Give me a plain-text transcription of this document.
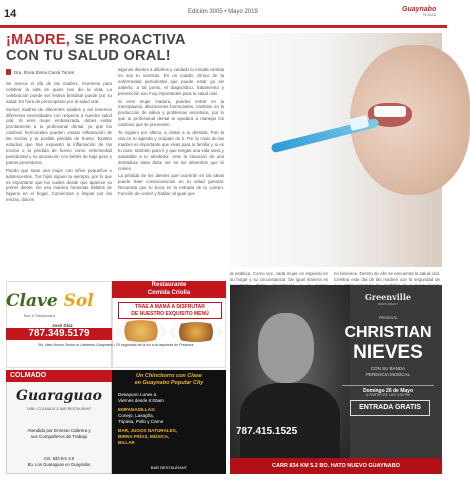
14	Edición 3005 • Mayo 2019	Guaynabo
CIUDAD
¡MADRE, SE PROACTIVA
CON TU SALUD ORAL!
Dra. Rosa Elena Cantú Torres

Se acerca el día de las madres, momento para celebrar la vida de quien nos dio la vida. La celebración puede ser festiva brindiste puede por su salud. Es hora de preocuparse por la salud oral.

Somos madres de diferentes edades y así tenemos diferentes necesidades con respecto a nuestra salud oral. Si eres mujer embarazada, debes visitar prontamente a tu profesional dental, ya que los cambios hormonales pueden causar inflamación de las encías y la posible pérdida de hueso. Existen estudios que han expuesto la inflamación de las encías o la pérdida de hueso como enfermedad periodontal y su asociación con bebés de bajo peso y partos prematuros.

Puedo que seas una mujer con niños pequeños o adolescentes. Tus hijos siguen tu ejemplo, por lo que es importante que los cuides desde que aparece su primer diente. De esa manera fomentas hábitos de higiene en el hogar. Comienzas a limpiar por las encías, dulces

algunos dientes a afilarlos y cuidado tu mirada cambia en sus tu sonrisas. En un cuadro clínico de la enfermedad periodontal que puede estar ya sin saberlo, a tal punto, el diagnóstico, tratamiento y prevención son muy importantes para tu salud oral.

Si eres mujer madura, puedes entrar en la menopausia, alteraciones hormonales, cambios en la producción de saliva y problemas sensitivos, por lo que tu profesional dental te ayudará a manejar los cambios que se presenten.

Te sugiero por último, a visitar a tu dentista. Pon la cita en tu agenda y ocúpate de ti. Por la crisis de las madres es importante que vivas para tu familia y, si es tu caso, también para ti y que tengas una vida sana y saludable a tu alrededor. Ante la situación de una dentadura sana debe ser en los alimentos que tú comes.

La pérdida de los dientes que ocurrirán en las ideas puede traer consecuencias en tu salud general. Recuerda que tu boca es la entrada de tu cuerpo. Función de comer y hablar; al igual que

la estética. Como vez, cada mujer es especial en su hogar y su circunstancia. De igual manera es
no favorece. Dentro de ello se encuentra la salud oral. Celebra este día de las madres con la seguridad de
Clave Sol
Bar & Restaurant
José Díaz
787.349.5179
Restaurante
Comida Criolla
TRAE A MAMÁ A DISFRUTAR
DE NUESTRO EXQUISITO MENÚ
Bo. Hato Nuevo Sector el Laberinto Guaynabo • 20 segundos de la luz a la izquierda de Frescura
COLMADO
Guaraguao
1986 • COLMADO & BAR RESTAURANT
Atendido por Ernesto Cabrera y
sus Compañeros de Trabajo
Cel. 833 Km 3.9
Bo. Los Guaraguao en Guaynabo
Un Chinchorro con Clase
en Guaynabo Popular City
Desayuno Lunes a
Viernes desde 6:00am
EMPANADILLAS:
Conejo, Lasagña,
Tripleta, Pollo y Carne
BAR, JUGOS NATURALES,
BIRRA FRÍAS, MÚSICA,
BILLAR
BAR RESTAURANT
Greenville
RESTAURANT
PRESENTA
CHRISTIAN
NIEVES
CON SU BANDA
PERENCIA MUSICAL
Domingo 26 de Mayo
A PARTIR DE LAS 3:00 PM
ENTRADA GRATIS
787.415.1525
CARR 834 KM 5.2 BO. HATO NUEVO GUAYNABO
